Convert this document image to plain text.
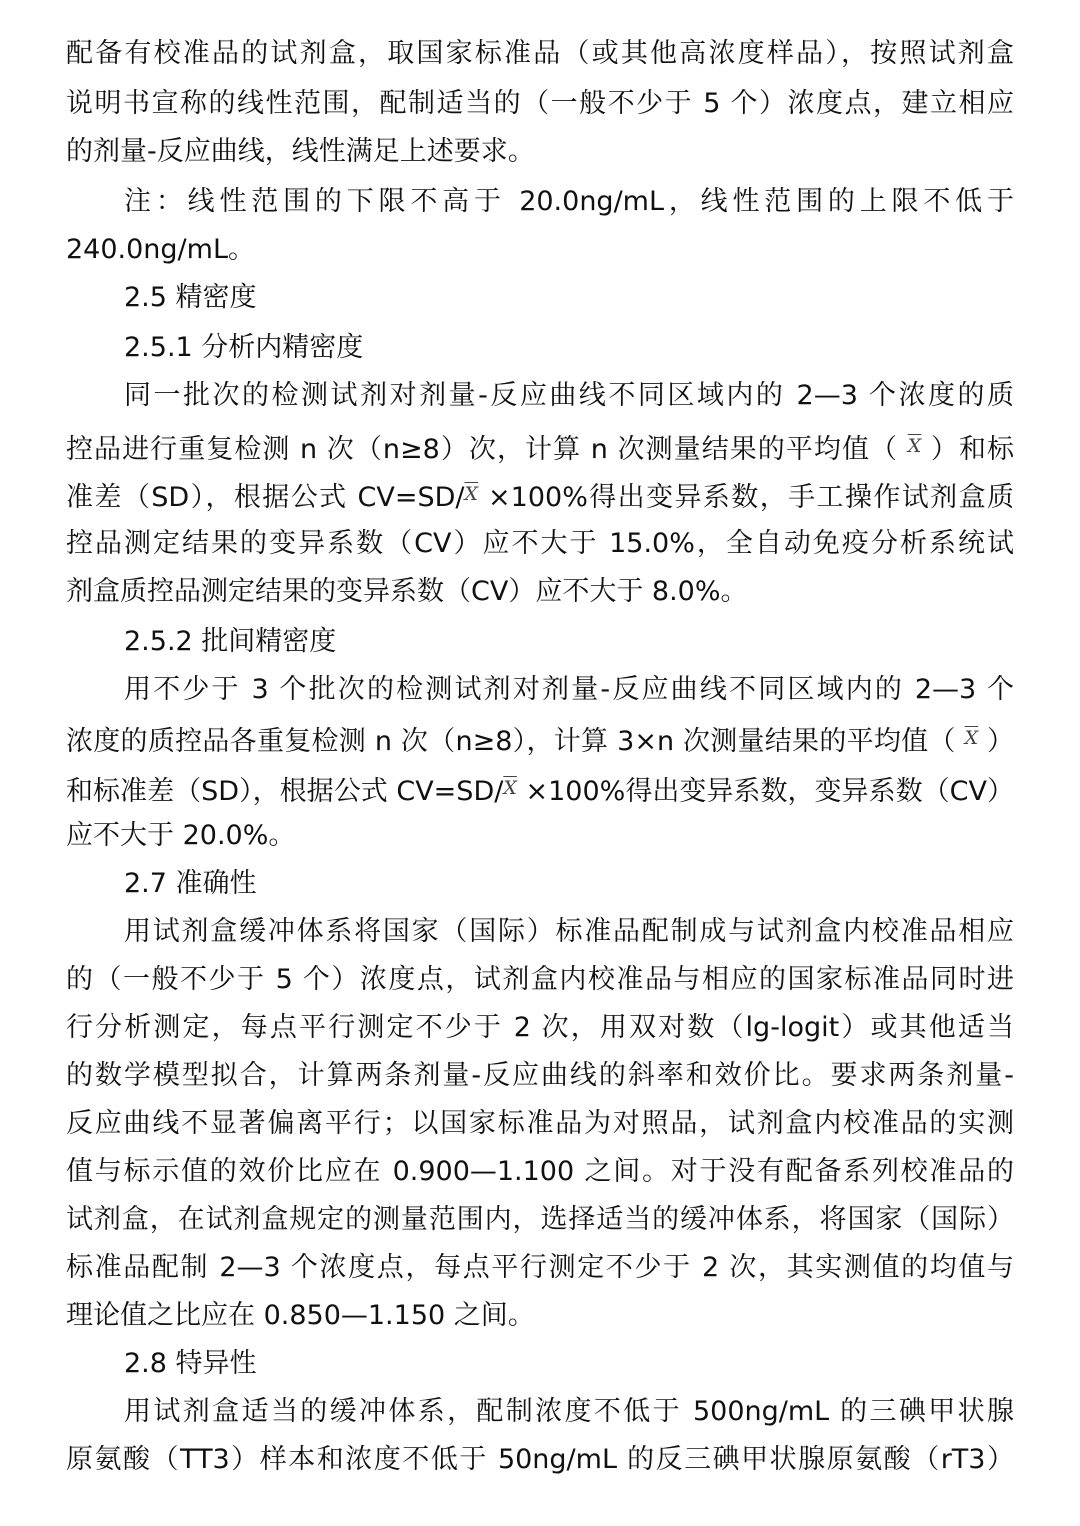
配备有校准品的试剂盒，取国家标准品（或其他高浓度样品），按照试剂盒
说明书宣称的线性范围，配制适当的（一般不少于 5 个）浓度点，建立相应
的剂量-反应曲线，线性满足上述要求。
注：线性范围的下限不高于 20.0ng/mL，线性范围的上限不低于
240.0ng/mL。
2.5 精密度
2.5.1 分析内精密度
同一批次的检测试剂对剂量-反应曲线不同区域内的 2—3 个浓度的质
控品进行重复检测 n 次（n≥8）次，计算 n 次测量结果的平均值（ $^{\overline{X}}$ ）和标
准差（SD），根据公式 CV=SD/$^{\overline{X}}$ ×100%得出变异系数，手工操作试剂盒质
控品测定结果的变异系数（CV）应不大于 15.0%，全自动免疫分析系统试
剂盒质控品测定结果的变异系数（CV）应不大于 8.0%。
2.5.2 批间精密度
用不少于 3 个批次的检测试剂对剂量-反应曲线不同区域内的 2—3 个
浓度的质控品各重复检测 n 次（n≥8），计算 3×n 次测量结果的平均值（ $^{\overline{X}}$ ）
和标准差（SD），根据公式 CV=SD/$^{\overline{X}}$ ×100%得出变异系数，变异系数（CV）
应不大于 20.0%。
2.7 准确性
用试剂盒缓冲体系将国家（国际）标准品配制成与试剂盒内校准品相应
的（一般不少于 5 个）浓度点，试剂盒内校准品与相应的国家标准品同时进
行分析测定，每点平行测定不少于 2 次，用双对数（lg-logit）或其他适当
的数学模型拟合，计算两条剂量-反应曲线的斜率和效价比。要求两条剂量-
反应曲线不显著偏离平行；以国家标准品为对照品，试剂盒内校准品的实测
值与标示值的效价比应在 0.900—1.100 之间。对于没有配备系列校准品的
试剂盒，在试剂盒规定的测量范围内，选择适当的缓冲体系，将国家（国际）
标准品配制 2—3 个浓度点，每点平行测定不少于 2 次，其实测值的均值与
理论值之比应在 0.850—1.150 之间。
2.8 特异性
用试剂盒适当的缓冲体系，配制浓度不低于 500ng/mL 的三碘甲状腺
原氨酸（TT3）样本和浓度不低于 50ng/mL 的反三碘甲状腺原氨酸（rT3）
